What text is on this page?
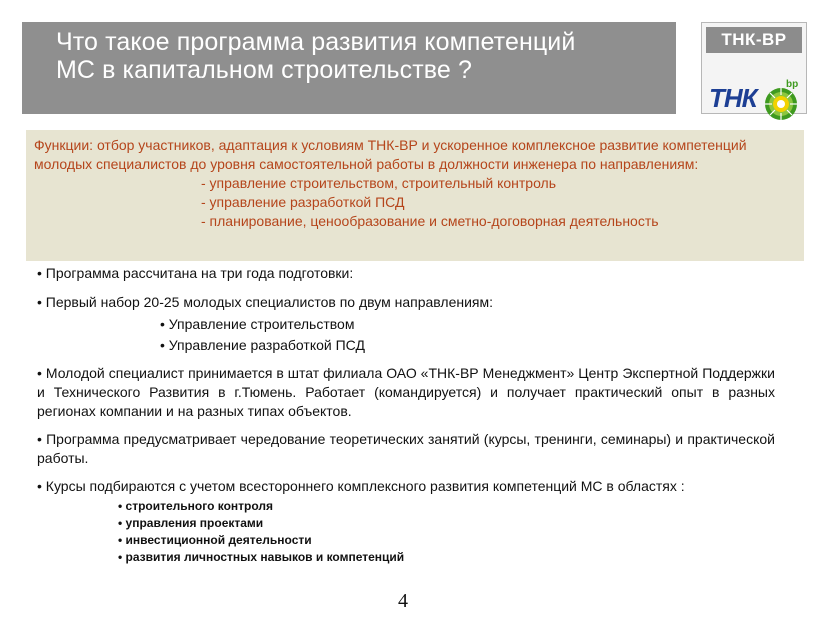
Что такое программа развития компетенций
МС в капитальном строительстве ?
ТНК-ВР
ТНК	bp

Функции: отбор участников, адаптация к условиям ТНК-ВР и ускоренное комплексное развитие компетенций молодых специалистов до уровня самостоятельной работы в должности инженера по направлениям:

- управление строительством, строительный контроль
- управление разработкой ПСД
- планирование, ценообразование и сметно-договорная деятельность

• Программа рассчитана на три года подготовки:

• Первый набор 20-25 молодых специалистов по двум направлениям:

• Управление строительством
• Управление разработкой ПСД

• Молодой специалист принимается в штат филиала ОАО «ТНК-ВР Менеджмент» Центр Экспертной Поддержки и Технического Развития в г.Тюмень. Работает (командируется) и получает практический опыт в разных регионах компании и на разных типах объектов.

• Программа предусматривает чередование теоретических занятий (курсы, тренинги, семинары) и практической работы.

• Курсы подбираются с учетом всестороннего комплексного развития компетенций МС в областях :

• строительного контроля
• управления проектами
• инвестиционной деятельности
• развития личностных навыков и компетенций
4
